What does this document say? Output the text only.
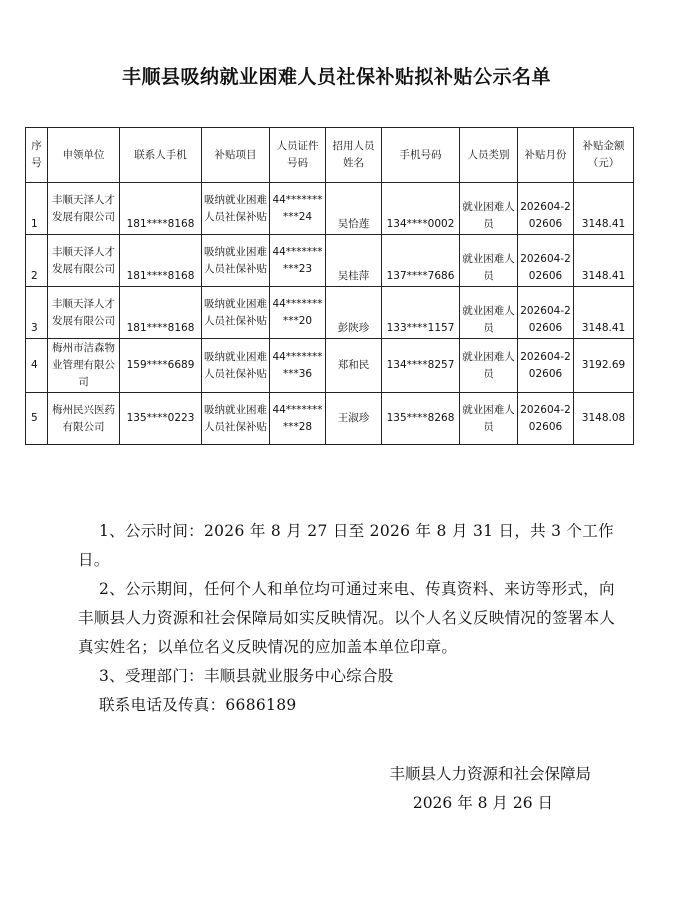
丰顺县吸纳就业困难人员社保补贴拟补贴公示名单
序号	申领单位	联系人手机	补贴项目	人员证件号码	招用人员姓名	手机号码	人员类别	补贴月份	补贴金额（元）
1	丰顺天泽人才发展有限公司	181****8168	吸纳就业困难人员社保补贴	44**********24	吴恰莲	134****0002	就业困难人员	202604-202606	3148.41
2	丰顺天泽人才发展有限公司	181****8168	吸纳就业困难人员社保补贴	44**********23	吴桂萍	137****7686	就业困难人员	202604-202606	3148.41
3	丰顺天泽人才发展有限公司	181****8168	吸纳就业困难人员社保补贴	44**********20	彭陕珍	133****1157	就业困难人员	202604-202606	3148.41
4	梅州市洁森物业管理有限公司	159****6689	吸纳就业困难人员社保补贴	44**********36	郑和民	134****8257	就业困难人员	202604-202606	3192.69
5	梅州民兴医药有限公司	135****0223	吸纳就业困难人员社保补贴	44**********28	王淑珍	135****8268	就业困难人员	202604-202606	3148.08

1、公示时间：2026 年 8 月 27 日至 2026 年 8 月 31 日，共 3 个工作日。

2、公示期间，任何个人和单位均可通过来电、传真资料、来访等形式，向丰顺县人力资源和社会保障局如实反映情况。以个人名义反映情况的签署本人真实姓名；以单位名义反映情况的应加盖本单位印章。

3、受理部门：丰顺县就业服务中心综合股

联系电话及传真：6686189

丰顺县人力资源和社会保障局
2026 年 8 月 26 日
